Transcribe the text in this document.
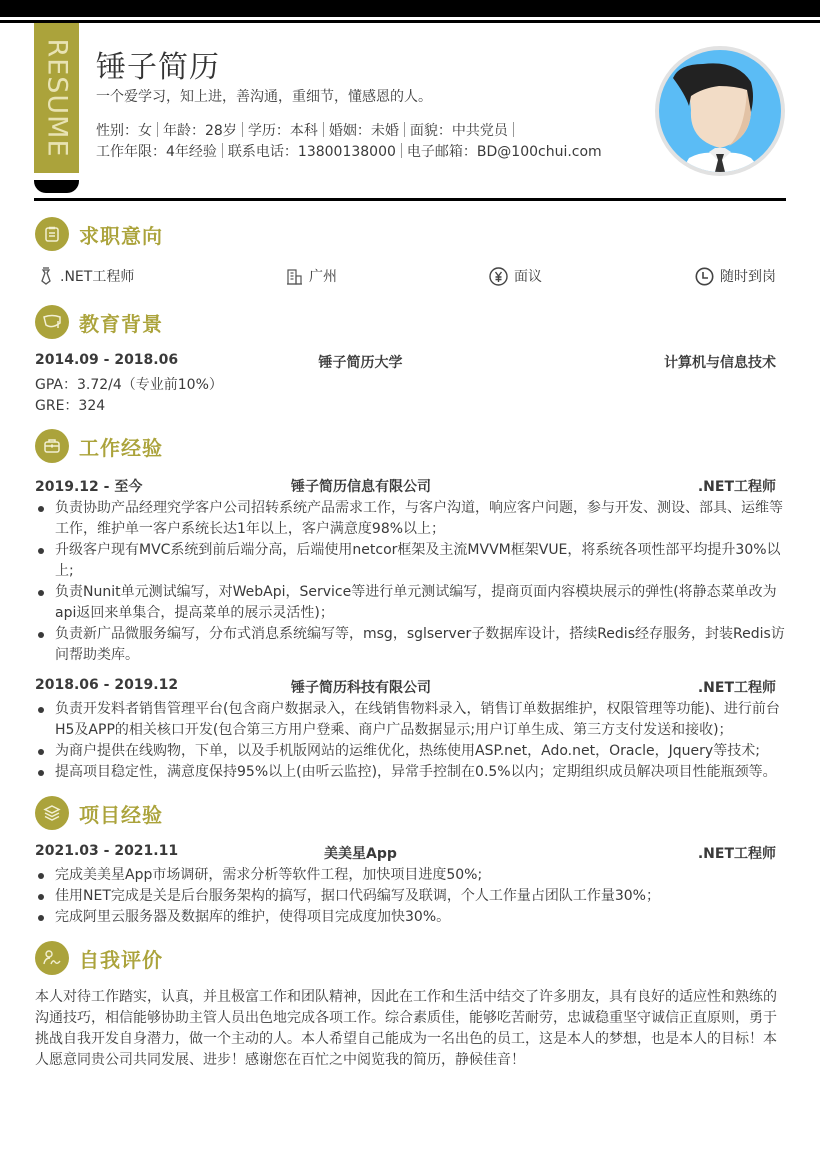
RESUME 锤子简历
一个爱学习，知上进，善沟通，重细节，懂感恩的人。
性别：女 年龄：28岁 学历：本科 婚姻：未婚 面貌：中共党员
工作年限：4年经验 联系电话：13800138000 电子邮箱：BD@100chui.com
求职意向
.NET工程师	广州	面议	随时到岗
教育背景
2014.09 - 2018.06	锤子简历大学	计算机与信息技术
GPA：3.72/4（专业前10%）
GRE：324
工作经验
2019.12 - 至今	锤子简历信息有限公司	.NET工程师
负责协助产品经理究学客户公司招转系统产品需求工作，与客户沟道，响应客户问题，参与开发、测设、部具、运维等工作，维护单一客户系统长达1年以上，客户满意度98%以上；
升级客户现有MVC系统到前后端分高，后端使用netcor框架及主流MVVM框架VUE，将系统各项性部平均提升30%以上;
负责Nunit单元测试编写，对WebApi，Service等进行单元测试编写，提商页面内容模块展示的弹性(将静态菜单改为 api返回来单集合，提高菜单的展示灵活性)；
负责新广品微服务编写，分布式消息系统编写等，msg，sglserver子数据库设计，搭续Redis经存服务，封装Redis访问帮助类库。
2018.06 - 2019.12	锤子简历科技有限公司	.NET工程师
负责开发料者销售管理平台(包含商户数据录入，在线销售物料录入，销售订单数据维护，权限管理等功能)、进行前台H5及APP的相关核口开发(包合第三方用户登乘、商户广品数据显示;用户订单生成、第三方支付发送和接收)；
为商户提供在线购物，下单，以及手机版网站的运维优化，热练使用ASP.net，Ado.net，Oracle，Jquery等技术;
提高项目稳定性，满意度保持95%以上(由听云监控)，异常手控制在0.5%以内；定期组织成员解决项目性能瓶颈等。
项目经验
2021.03 - 2021.11	美美星App	.NET工程师
完成美美星App市场调研，需求分析等软件工程，加快项目进度50%;
佳用NET完成是关是后台服务架构的搞写，据口代码编写及联调，个人工作量占团队工作量30%；
完成阿里云服务器及数据库的维护，使得项目完成度加快30%。
自我评价
本人对待工作踏实，认真，并且极富工作和团队精神，因此在工作和生活中结交了许多朋友，具有良好的适应性和熟练的沟通技巧，相信能够协助主管人员出色地完成各项工作。综合素质佳，能够吃苦耐劳，忠诚稳重坚守诚信正直原则，勇于挑战自我开发自身潜力，做一个主动的人。本人希望自己能成为一名出色的员工，这是本人的梦想，也是本人的目标！本人愿意同贵公司共同发展、进步！感谢您在百忙之中阅览我的简历，静候佳音！
